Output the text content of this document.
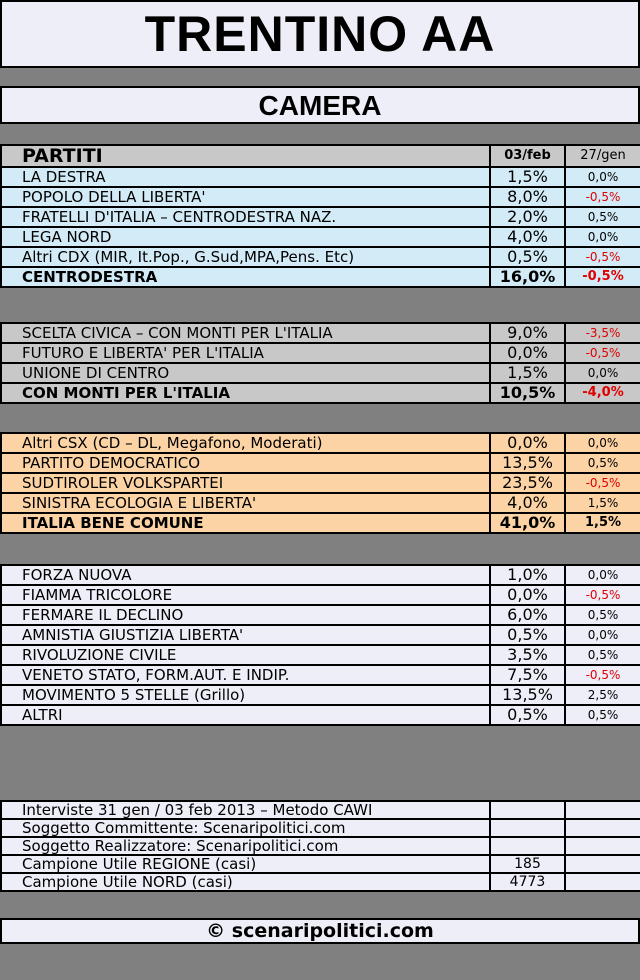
TRENTINO AA
CAMERA
PARTITI	03/feb	27/gen
LA DESTRA	1,5%	0,0%
POPOLO DELLA LIBERTA'	8,0%	-0,5%
FRATELLI D'ITALIA – CENTRODESTRA NAZ.	2,0%	0,5%
LEGA NORD	4,0%	0,0%
Altri CDX (MIR, It.Pop., G.Sud,MPA,Pens. Etc)	0,5%	-0,5%
CENTRODESTRA	16,0%	-0,5%
SCELTA CIVICA – CON MONTI PER L'ITALIA	9,0%	-3,5%
FUTURO E LIBERTA' PER L'ITALIA	0,0%	-0,5%
UNIONE DI CENTRO	1,5%	0,0%
CON MONTI PER L'ITALIA	10,5%	-4,0%
Altri CSX (CD – DL, Megafono, Moderati)	0,0%	0,0%
PARTITO DEMOCRATICO	13,5%	0,5%
SUDTIROLER VOLKSPARTEI	23,5%	-0,5%
SINISTRA ECOLOGIA E LIBERTA'	4,0%	1,5%
ITALIA BENE COMUNE	41,0%	1,5%
FORZA NUOVA	1,0%	0,0%
FIAMMA TRICOLORE	0,0%	-0,5%
FERMARE IL DECLINO	6,0%	0,5%
AMNISTIA GIUSTIZIA LIBERTA'	0,5%	0,0%
RIVOLUZIONE CIVILE	3,5%	0,5%
VENETO STATO, FORM.AUT. E INDIP.	7,5%	-0,5%
MOVIMENTO 5 STELLE (Grillo)	13,5%	2,5%
ALTRI	0,5%	0,5%
Interviste 31 gen / 03 feb 2013 – Metodo CAWI		
Soggetto Committente: Scenaripolitici.com		
Soggetto Realizzatore: Scenaripolitici.com		
Campione Utile REGIONE (casi)	185	
Campione Utile NORD (casi)	4773	
© scenaripolitici.com
